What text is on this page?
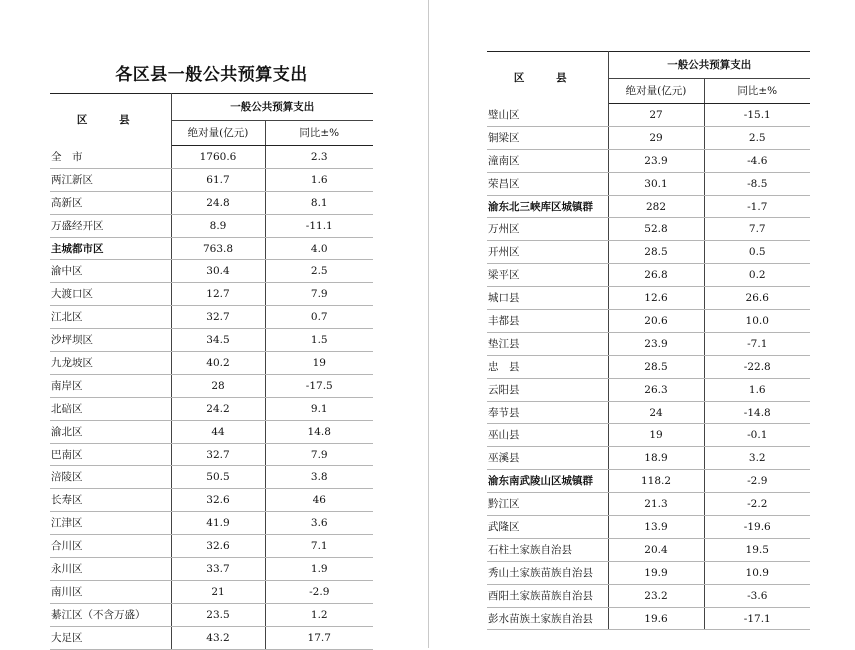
各区县一般公共预算支出
区 县	一般公共预算支出	
	绝对量(亿元)	同比±%
全　市	1760.6	2.3
两江新区	61.7	1.6
高新区	24.8	8.1
万盛经开区	8.9	-11.1
主城都市区	763.8	4.0
渝中区	30.4	2.5
大渡口区	12.7	7.9
江北区	32.7	0.7
沙坪坝区	34.5	1.5
九龙坡区	40.2	19
南岸区	28	-17.5
北碚区	24.2	9.1
渝北区	44	14.8
巴南区	32.7	7.9
涪陵区	50.5	3.8
长寿区	32.6	46
江津区	41.9	3.6
合川区	32.6	7.1
永川区	33.7	1.9
南川区	21	-2.9
綦江区（不含万盛）	23.5	1.2
大足区	43.2	17.7
区 县	一般公共预算支出	
	绝对量(亿元)	同比±%
璧山区	27	-15.1
铜梁区	29	2.5
潼南区	23.9	-4.6
荣昌区	30.1	-8.5
渝东北三峡库区城镇群	282	-1.7
万州区	52.8	7.7
开州区	28.5	0.5
梁平区	26.8	0.2
城口县	12.6	26.6
丰都县	20.6	10.0
垫江县	23.9	-7.1
忠　县	28.5	-22.8
云阳县	26.3	1.6
奉节县	24	-14.8
巫山县	19	-0.1
巫溪县	18.9	3.2
渝东南武陵山区城镇群	118.2	-2.9
黔江区	21.3	-2.2
武隆区	13.9	-19.6
石柱土家族自治县	20.4	19.5
秀山土家族苗族自治县	19.9	10.9
酉阳土家族苗族自治县	23.2	-3.6
彭水苗族土家族自治县	19.6	-17.1
